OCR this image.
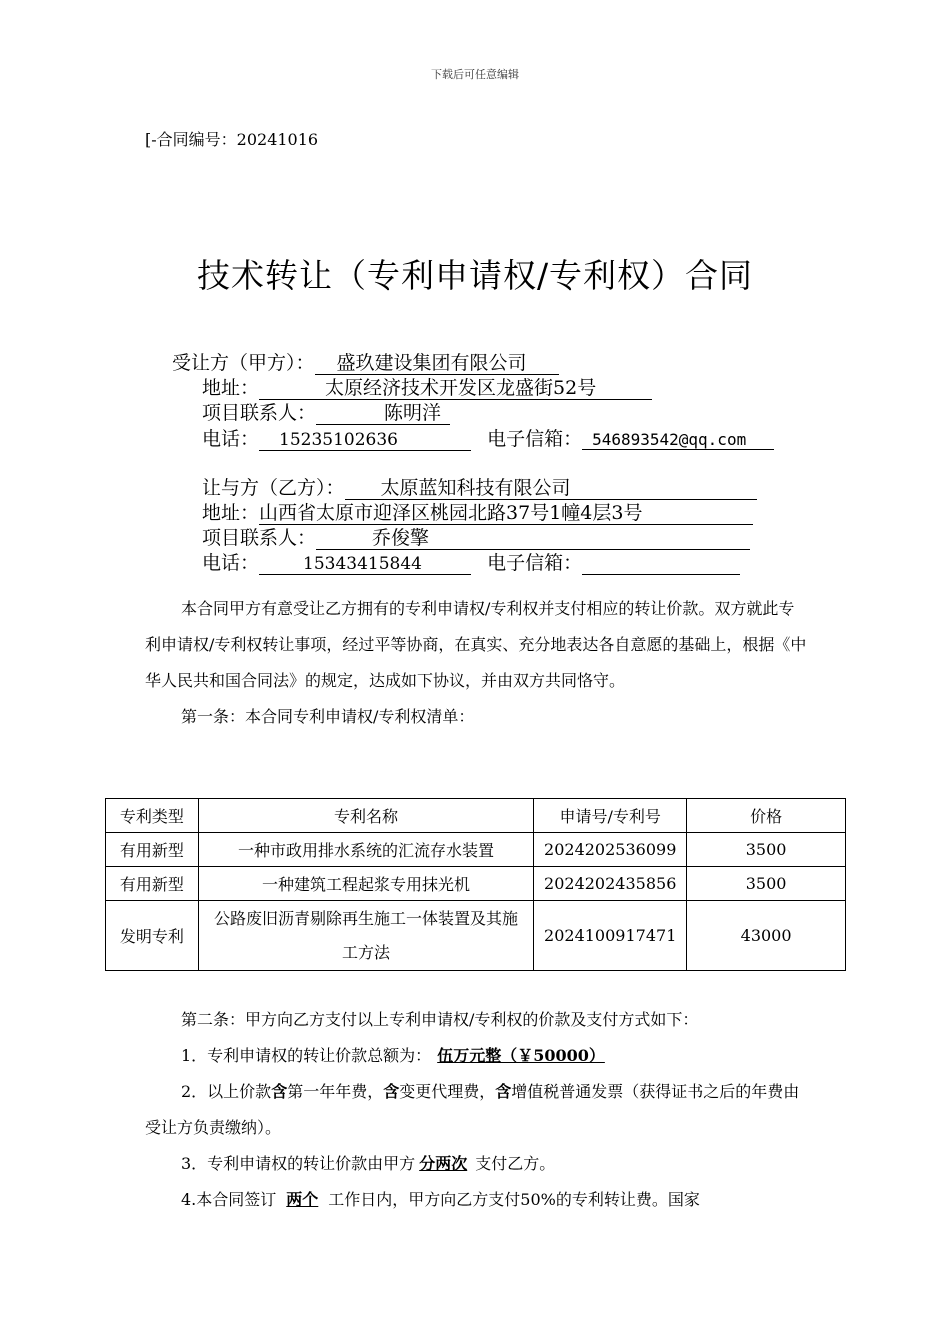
下载后可任意编辑
[-合同编号：20241016
技术转让（专利申请权/专利权）合同
受让方（甲方）： 盛玖建设集团有限公司
地址：	太原经济技术开发区龙盛街52号
项目联系人：	陈明洋
电话： 15235102636	电子信箱： 546893542@qq.com
让与方（乙方）： 太原蓝知科技有限公司
地址：山西省太原市迎泽区桃园北路37号1幢4层3号
项目联系人：	乔俊擎
电话：	15343415844	电子信箱：

本合同甲方有意受让乙方拥有的专利申请权/专利权并支付相应的转让价款。双方就此专利申请权/专利权转让事项，经过平等协商，在真实、充分地表达各自意愿的基础上，根据《中华人民共和国合同法》的规定，达成如下协议，并由双方共同恪守。

第一条：本合同专利申请权/专利权清单：

专利类型	专利名称	申请号/专利号	价格
有用新型	一种市政用排水系统的汇流存水装置	2024202536099	3500
有用新型	一种建筑工程起浆专用抹光机	2024202435856	3500
发明专利	公路废旧沥青剔除再生施工一体装置及其施工方法	2024100917471	43000

第二条：甲方向乙方支付以上专利申请权/专利权的价款及支付方式如下：

1．专利申请权的转让价款总额为： 伍万元整（￥50000）

2．以上价款含第一年年费，含变更代理费，含增值税普通发票（获得证书之后的年费由受让方负责缴纳）。

3．专利申请权的转让价款由甲方 分两次 支付乙方。

4.本合同签订 两个 工作日内，甲方向乙方支付50%的专利转让费。国家
